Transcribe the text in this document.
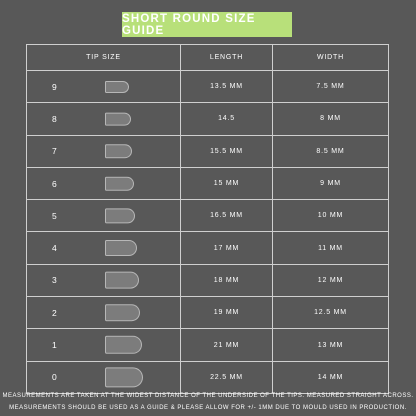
SHORT ROUND SIZE GUIDE
TIP SIZE	LENGTH	WIDTH

9	13.5 MM	7.5 MM

8	14.5	8 MM

7	15.5 MM	8.5 MM

6	15 MM	9 MM

5	16.5 MM	10 MM

4	17 MM	11 MM

3	18 MM	12 MM

2	19 MM	12.5 MM

1	21 MM	13 MM

0	22.5 MM	14 MM
MEASUREMENTS ARE TAKEN AT THE WIDEST DISTANCE OF THE UNDERSIDE OF THE TIPS. MEASURED STRAIGHT ACROSS.
MEASUREMENTS SHOULD BE USED AS A GUIDE & PLEASE ALLOW FOR +/- 1MM DUE TO MOULD USED IN PRODUCTION.
